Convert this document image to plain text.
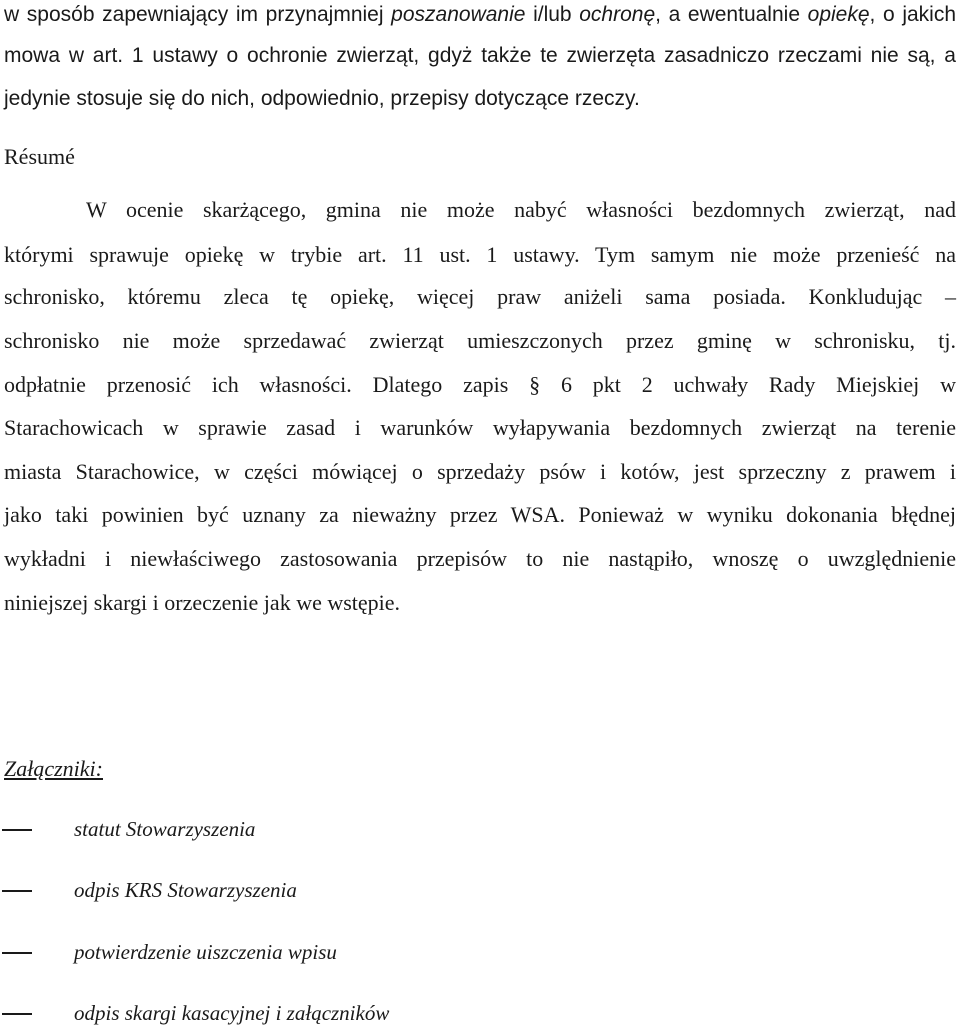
w sposób zapewniający im przynajmniej poszanowanie i/lub ochronę, a ewentualnie opiekę, o jakich
mowa w art. 1 ustawy o ochronie zwierząt, gdyż także te zwierzęta zasadniczo rzeczami nie są, a
jedynie stosuje się do nich, odpowiednio, przepisy dotyczące rzeczy.
Résumé
W ocenie skarżącego, gmina nie może nabyć własności bezdomnych zwierząt, nad
którymi sprawuje opiekę w trybie art. 11 ust. 1 ustawy. Tym samym nie może przenieść na
schronisko, któremu zleca tę opiekę, więcej praw aniżeli sama posiada. Konkludując –
schronisko nie może sprzedawać zwierząt umieszczonych przez gminę w schronisku, tj.
odpłatnie przenosić ich własności. Dlatego zapis § 6 pkt 2 uchwały Rady Miejskiej w
Starachowicach w sprawie zasad i warunków wyłapywania bezdomnych zwierząt na terenie
miasta Starachowice, w części mówiącej o sprzedaży psów i kotów, jest sprzeczny z prawem i
jako taki powinien być uznany za nieważny przez WSA. Ponieważ w wyniku dokonania błędnej
wykładni i niewłaściwego zastosowania przepisów to nie nastąpiło, wnoszę o uwzględnienie
niniejszej skargi i orzeczenie jak we wstępie.
Załączniki:
statut Stowarzyszenia
odpis KRS Stowarzyszenia
potwierdzenie uiszczenia wpisu
odpis skargi kasacyjnej i załączników
